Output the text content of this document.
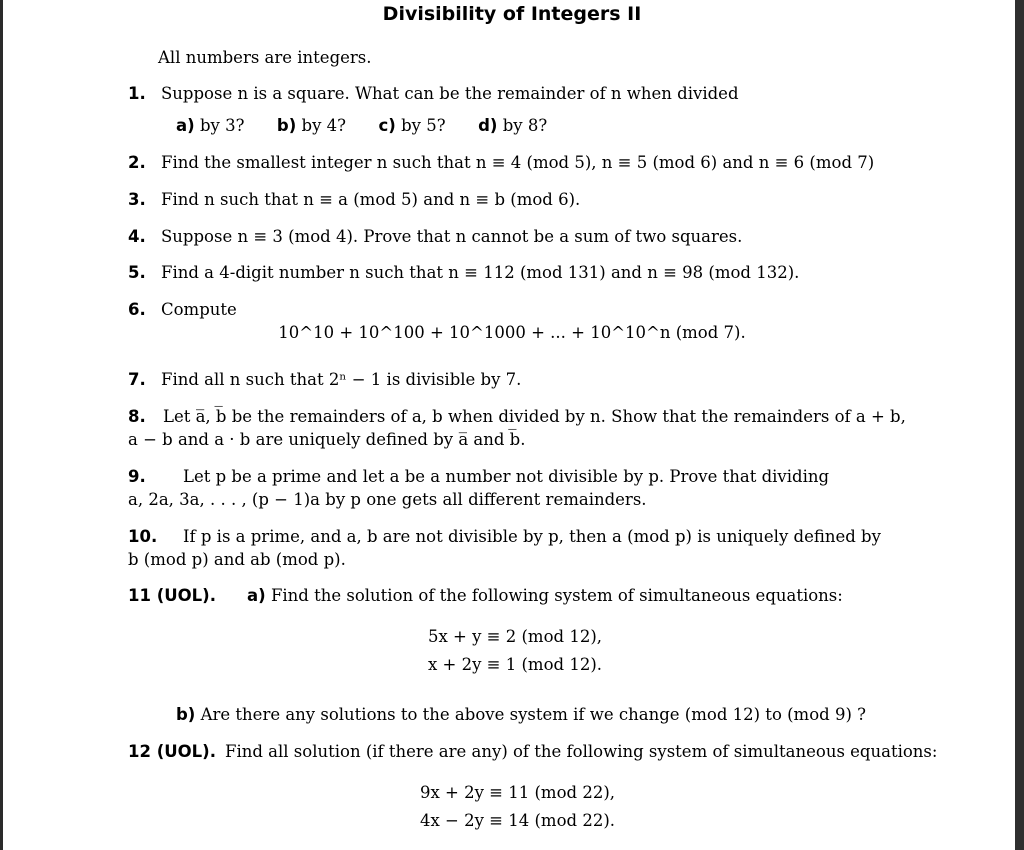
Divisibility of Integers II
All numbers are integers.
1. Suppose n is a square. What can be the remainder of n when divided
a) by 3? b) by 4? c) by 5? d) by 8?
2. Find the smallest integer n such that n ≡ 4 (mod 5), n ≡ 5 (mod 6) and n ≡ 6 (mod 7)
3. Find n such that n ≡ a (mod 5) and n ≡ b (mod 6).
4. Suppose n ≡ 3 (mod 4). Prove that n cannot be a sum of two squares.
5. Find a 4-digit number n such that n ≡ 112 (mod 131) and n ≡ 98 (mod 132).
6. Compute
10^10 + 10^100 + 10^1000 + ... + 10^10^n (mod 7).
7. Find all n such that 2ⁿ − 1 is divisible by 7.
8. Let a̅, b̅ be the remainders of a, b when divided by n. Show that the remainders of a + b,
a − b and a · b are uniquely defined by a̅ and b̅.
9. Let p be a prime and let a be a number not divisible by p. Prove that dividing
a, 2a, 3a, . . . , (p − 1)a by p one gets all different remainders.
10. If p is a prime, and a, b are not divisible by p, then a (mod p) is uniquely defined by
b (mod p) and ab (mod p).
11 (UOL). a) Find the solution of the following system of simultaneous equations:
5x + y ≡ 2 (mod 12),
x + 2y ≡ 1 (mod 12).
b) Are there any solutions to the above system if we change (mod 12) to (mod 9) ?
12 (UOL). Find all solution (if there are any) of the following system of simultaneous equations:
9x + 2y ≡ 11 (mod 22),
4x − 2y ≡ 14 (mod 22).
